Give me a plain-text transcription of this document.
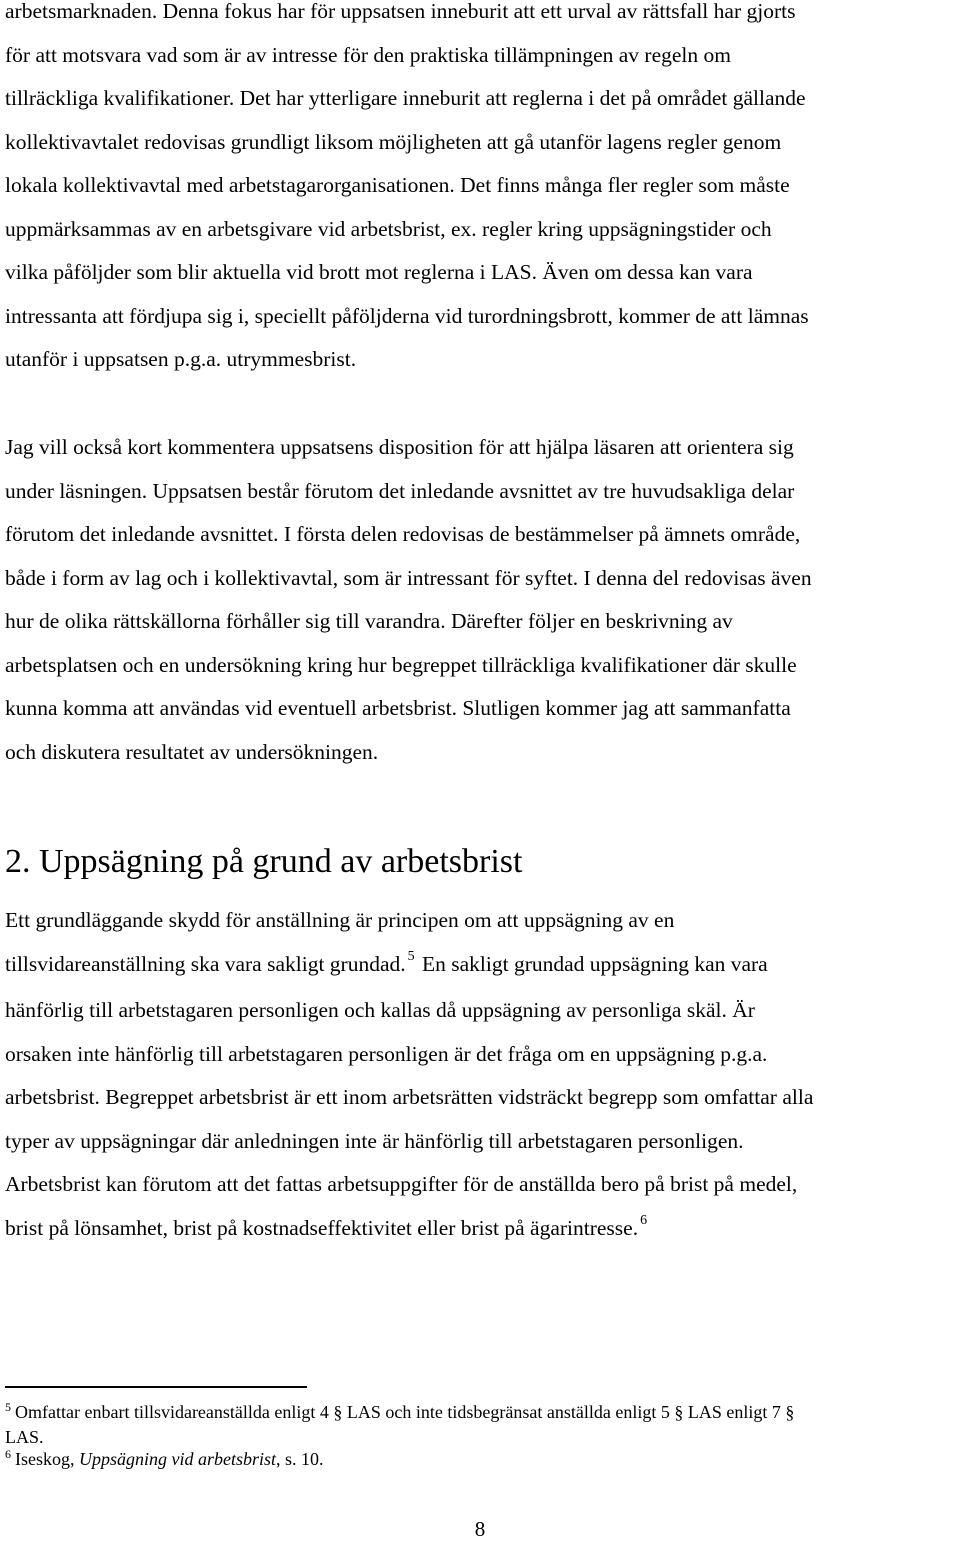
arbetsmarknaden. Denna fokus har för uppsatsen inneburit att ett urval av rättsfall har gjorts
för att motsvara vad som är av intresse för den praktiska tillämpningen av regeln om
tillräckliga kvalifikationer. Det har ytterligare inneburit att reglerna i det på området gällande
kollektivavtalet redovisas grundligt liksom möjligheten att gå utanför lagens regler genom
lokala kollektivavtal med arbetstagarorganisationen. Det finns många fler regler som måste
uppmärksammas av en arbetsgivare vid arbetsbrist, ex. regler kring uppsägningstider och
vilka påföljder som blir aktuella vid brott mot reglerna i LAS. Även om dessa kan vara
intressanta att fördjupa sig i, speciellt påföljderna vid turordningsbrott, kommer de att lämnas
utanför i uppsatsen p.g.a. utrymmesbrist.

Jag vill också kort kommentera uppsatsens disposition för att hjälpa läsaren att orientera sig
under läsningen. Uppsatsen består förutom det inledande avsnittet av tre huvudsakliga delar
förutom det inledande avsnittet. I första delen redovisas de bestämmelser på ämnets område,
både i form av lag och i kollektivavtal, som är intressant för syftet. I denna del redovisas även
hur de olika rättskällorna förhåller sig till varandra. Därefter följer en beskrivning av
arbetsplatsen och en undersökning kring hur begreppet tillräckliga kvalifikationer där skulle
kunna komma att användas vid eventuell arbetsbrist. Slutligen kommer jag att sammanfatta
och diskutera resultatet av undersökningen.

2. Uppsägning på grund av arbetsbrist

Ett grundläggande skydd för anställning är principen om att uppsägning av en
tillsvidareanställning ska vara sakligt grundad. $^5$ En sakligt grundad uppsägning kan vara
hänförlig till arbetstagaren personligen och kallas då uppsägning av personliga skäl. Är
orsaken inte hänförlig till arbetstagaren personligen är det fråga om en uppsägning p.g.a.
arbetsbrist. Begreppet arbetsbrist är ett inom arbetsrätten vidsträckt begrepp som omfattar alla
typer av uppsägningar där anledningen inte är hänförlig till arbetstagaren personligen.
Arbetsbrist kan förutom att det fattas arbetsuppgifter för de anställda bero på brist på medel,
brist på lönsamhet, brist på kostnadseffektivitet eller brist på ägarintresse. $^6$

$^5$ Omfattar enbart tillsvidareanställda enligt 4 § LAS och inte tidsbegränsat anställda enligt 5 § LAS enligt 7 §
LAS.

$^6$ Iseskog, Uppsägning vid arbetsbrist, s. 10.

8
